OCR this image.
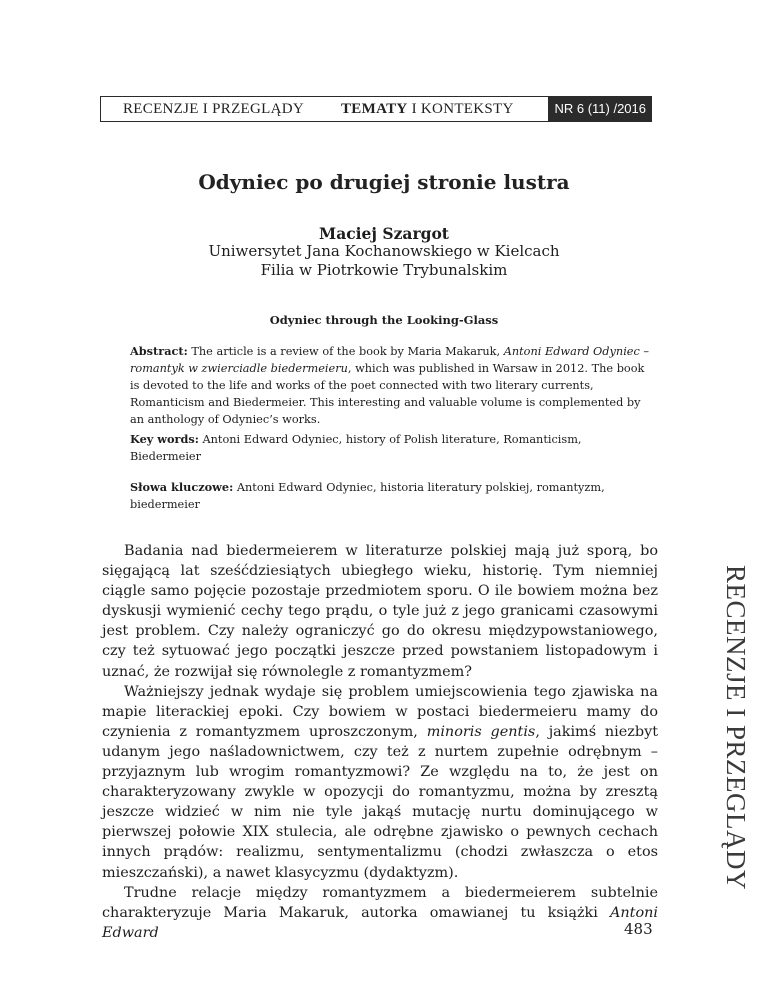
RECENZJE I PRZEGLĄDY TEMATY I KONTEKSTY	NR 6 (11) /2016
Odyniec po drugiej stronie lustra
Maciej Szargot
Uniwersytet Jana Kochanowskiego w Kielcach
Filia w Piotrkowie Trybunalskim
Odyniec through the Looking-Glass
Abstract: The article is a review of the book by Maria Makaruk, Antoni Edward Odyniec – romantyk w zwierciadle biedermeieru, which was published in Warsaw in 2012. The book is devoted to the life and works of the poet connected with two literary currents, Romanticism and Biedermeier. This interesting and valuable volume is complemented by an anthology of Odyniec’s works.
Key words: Antoni Edward Odyniec, history of Polish literature, Romanticism, Biedermeier
Słowa kluczowe: Antoni Edward Odyniec, historia literatury polskiej, romantyzm, biedermeier

Badania nad biedermeierem w literaturze polskiej mają już sporą, bo sięgającą lat sześćdziesiątych ubiegłego wieku, historię. Tym niemniej ciągle samo pojęcie pozostaje przedmiotem sporu. O ile bowiem można bez dyskusji wymienić cechy tego prądu, o tyle już z jego granicami czasowymi jest problem. Czy należy ograniczyć go do okresu międzypowstaniowego, czy też sytuować jego początki jeszcze przed powstaniem listopadowym i uznać, że rozwijał się równolegle z romantyzmem?

Ważniejszy jednak wydaje się problem umiejscowienia tego zjawiska na mapie literackiej epoki. Czy bowiem w postaci biedermeieru mamy do czynienia z romantyzmem uproszczonym, minoris gentis, jakimś niezbyt udanym jego naśladownictwem, czy też z nurtem zupełnie odrębnym – przyjaznym lub wrogim romantyzmowi? Ze względu na to, że jest on charakteryzowany zwykle w opozycji do romantyzmu, można by zresztą jeszcze widzieć w nim nie tyle jakąś mutację nurtu dominującego w pierwszej połowie XIX stulecia, ale odrębne zjawisko o pewnych cechach innych prądów: realizmu, sentymentalizmu (chodzi zwłaszcza o etos mieszczański), a nawet klasycyzmu (dydaktyzm).

Trudne relacje między romantyzmem a biedermeierem subtelnie charakteryzuje Maria Makaruk, autorka omawianej tu książki Antoni Edward

RECENZJE I PRZEGLĄDY
483
